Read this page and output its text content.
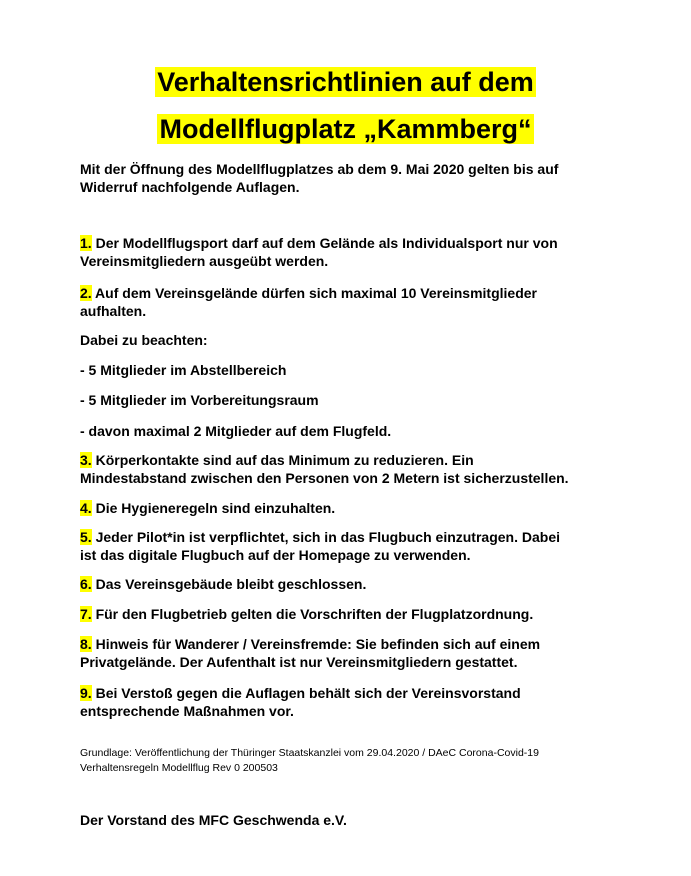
Verhaltensrichtlinien auf dem
Modellflugplatz „Kammberg“
Mit der Öffnung des Modellflugplatzes ab dem 9. Mai 2020 gelten bis auf
Widerruf nachfolgende Auflagen.
1. Der Modellflugsport darf auf dem Gelände als Individualsport nur von
Vereinsmitgliedern ausgeübt werden.
2. Auf dem Vereinsgelände dürfen sich maximal 10 Vereinsmitglieder
aufhalten.
Dabei zu beachten:
- 5 Mitglieder im Abstellbereich
- 5 Mitglieder im Vorbereitungsraum
- davon maximal 2 Mitglieder auf dem Flugfeld.
3. Körperkontakte sind auf das Minimum zu reduzieren. Ein
Mindestabstand zwischen den Personen von 2 Metern ist sicherzustellen.
4. Die Hygieneregeln sind einzuhalten.
5. Jeder Pilot*in ist verpflichtet, sich in das Flugbuch einzutragen. Dabei
ist das digitale Flugbuch auf der Homepage zu verwenden.
6. Das Vereinsgebäude bleibt geschlossen.
7. Für den Flugbetrieb gelten die Vorschriften der Flugplatzordnung.
8. Hinweis für Wanderer / Vereinsfremde: Sie befinden sich auf einem
Privatgelände. Der Aufenthalt ist nur Vereinsmitgliedern gestattet.
9. Bei Verstoß gegen die Auflagen behält sich der Vereinsvorstand
entsprechende Maßnahmen vor.
Grundlage: Veröffentlichung der Thüringer Staatskanzlei vom 29.04.2020 / DAeC Corona-Covid-19
Verhaltensregeln Modellflug Rev 0 200503
Der Vorstand des MFC Geschwenda e.V.
